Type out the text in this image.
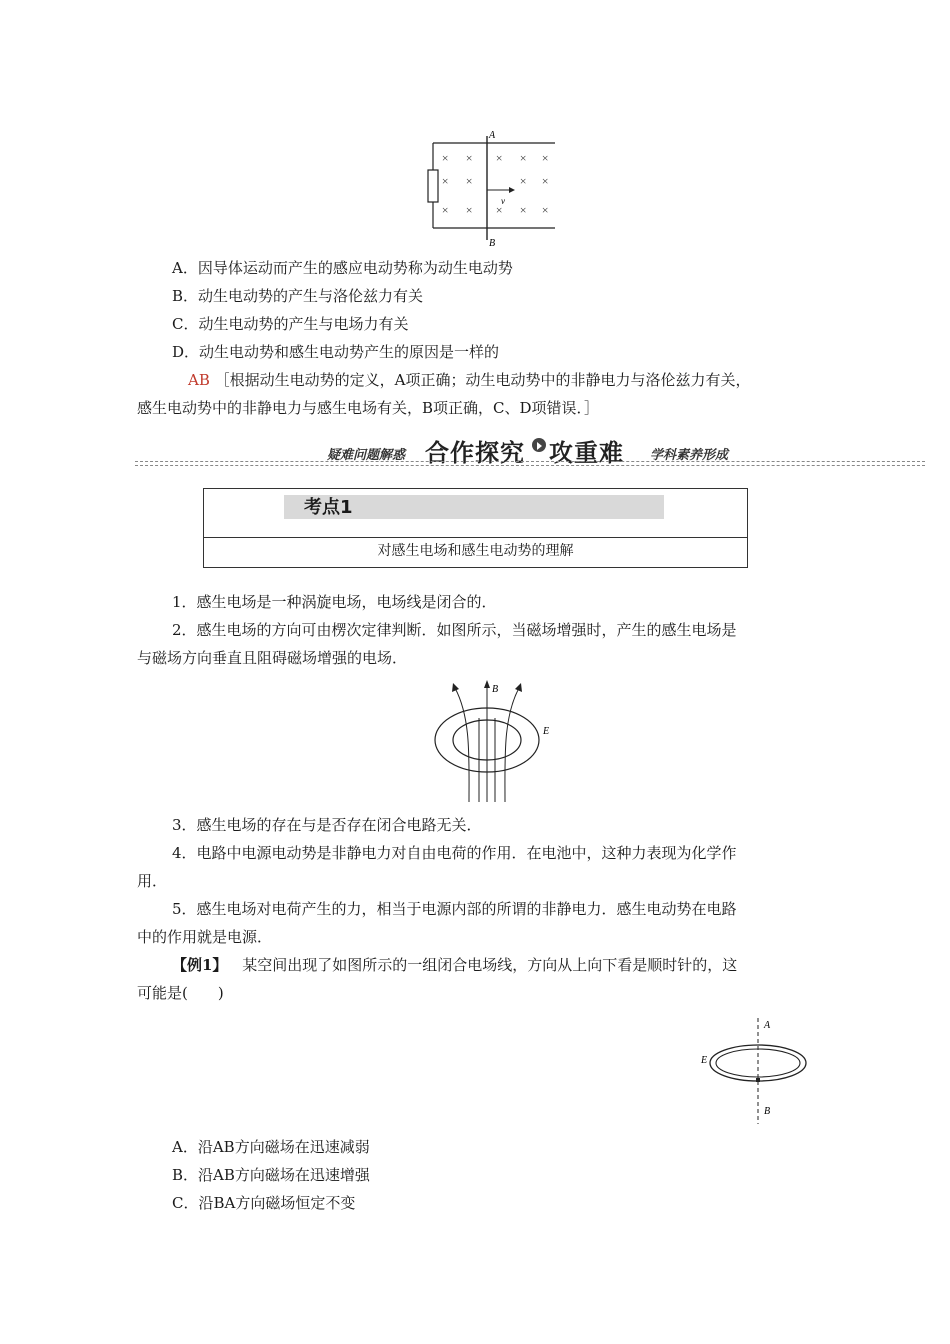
A
B
v
× × × × ×
× ×	× ×
× × × × ×
A．因导体运动而产生的感应电动势称为动生电动势
B．动生电动势的产生与洛伦兹力有关
C．动生电动势的产生与电场力有关
D．动生电动势和感生电动势产生的原因是一样的
AB ［根据动生电动势的定义，A项正确；动生电动势中的非静电力与洛伦兹力有关，
感生电动势中的非静电力与感生电场有关，B项正确，C、D项错误．］
疑难问题解惑 合作探究 攻重难 学科素养形成
考点1
对感生电场和感生电动势的理解
1．感生电场是一种涡旋电场，电场线是闭合的．
2．感生电场的方向可由楞次定律判断．如图所示，当磁场增强时，产生的感生电场是
与磁场方向垂直且阻碍磁场增强的电场．
B
E
3．感生电场的存在与是否存在闭合电路无关．
4．电路中电源电动势是非静电力对自由电荷的作用．在电池中，这种力表现为化学作
用．
5．感生电场对电荷产生的力，相当于电源内部的所谓的非静电力．感生电动势在电路
中的作用就是电源．
【例1】 某空间出现了如图所示的一组闭合电场线，方向从上向下看是顺时针的，这
可能是(　　)
A
B
E
A．沿AB方向磁场在迅速减弱
B．沿AB方向磁场在迅速增强
C．沿BA方向磁场恒定不变
